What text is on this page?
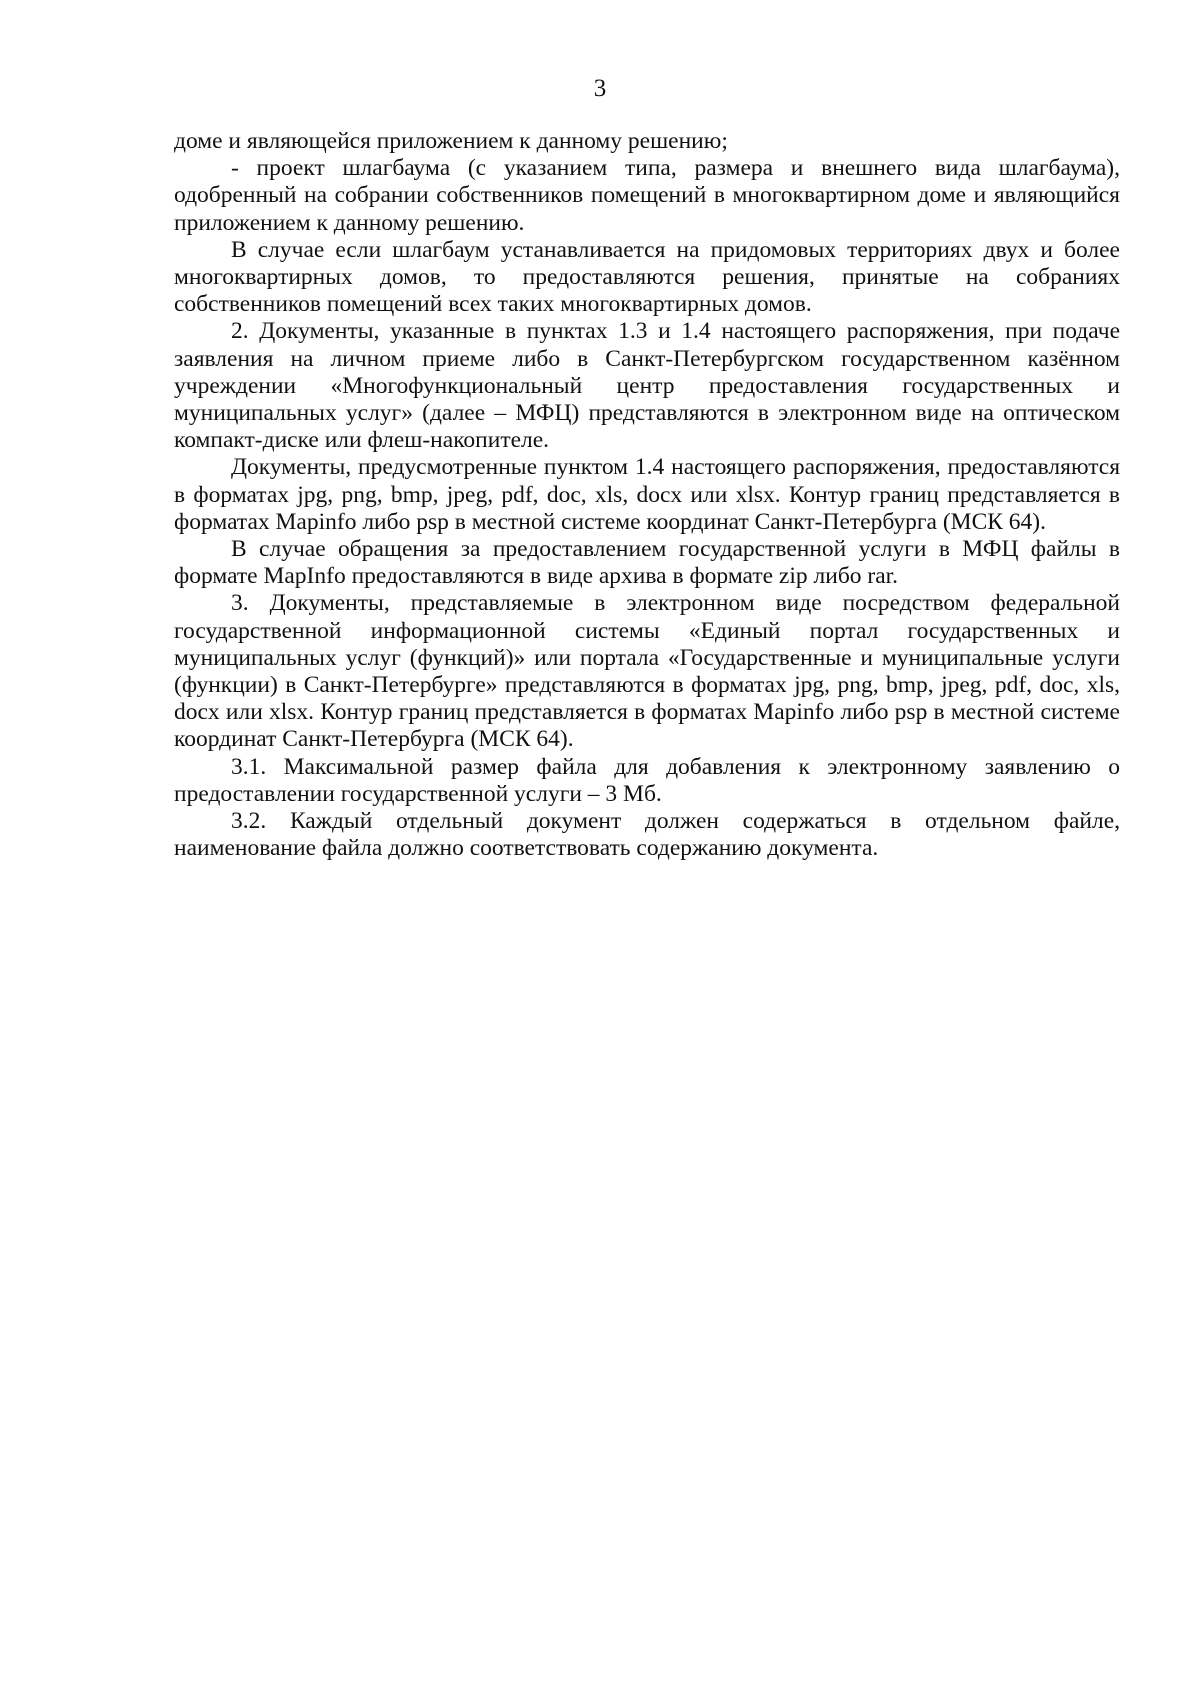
3

доме и являющейся приложением к данному решению;

- проект шлагбаума (с указанием типа, размера и внешнего вида шлагбаума), одобренный на собрании собственников помещений в многоквартирном доме и являющийся приложением к данному решению.

В случае если шлагбаум устанавливается на придомовых территориях двух и более многоквартирных домов, то предоставляются решения, принятые на собраниях собственников помещений всех таких многоквартирных домов.

2. Документы, указанные в пунктах 1.3 и 1.4 настоящего распоряжения, при подаче заявления на личном приеме либо в Санкт-Петербургском государственном казённом учреждении «Многофункциональный центр предоставления государственных и муниципальных услуг» (далее – МФЦ) представляются в электронном виде на оптическом компакт-диске или флеш-накопителе.

Документы, предусмотренные пунктом 1.4 настоящего распоряжения, предоставляются в форматах jpg, png, bmp, jpeg, pdf, doc, xls, docx или xlsx. Контур границ представляется в форматах Mapinfo либо psp в местной системе координат Санкт-Петербурга (МСК 64).

В случае обращения за предоставлением государственной услуги в МФЦ файлы в формате MapInfo предоставляются в виде архива в формате zip либо rar.

3. Документы, представляемые в электронном виде посредством федеральной государственной информационной системы «Единый портал государственных и муниципальных услуг (функций)» или портала «Государственные и муниципальные услуги (функции) в Санкт-Петербурге» представляются в форматах jpg, png, bmp, jpeg, pdf, doc, xls, docx или xlsx. Контур границ представляется в форматах Mapinfo либо psp в местной системе координат Санкт-Петербурга (МСК 64).

3.1. Максимальной размер файла для добавления к электронному заявлению о предоставлении государственной услуги – 3 Мб.

3.2. Каждый отдельный документ должен содержаться в отдельном файле, наименование файла должно соответствовать содержанию документа.
